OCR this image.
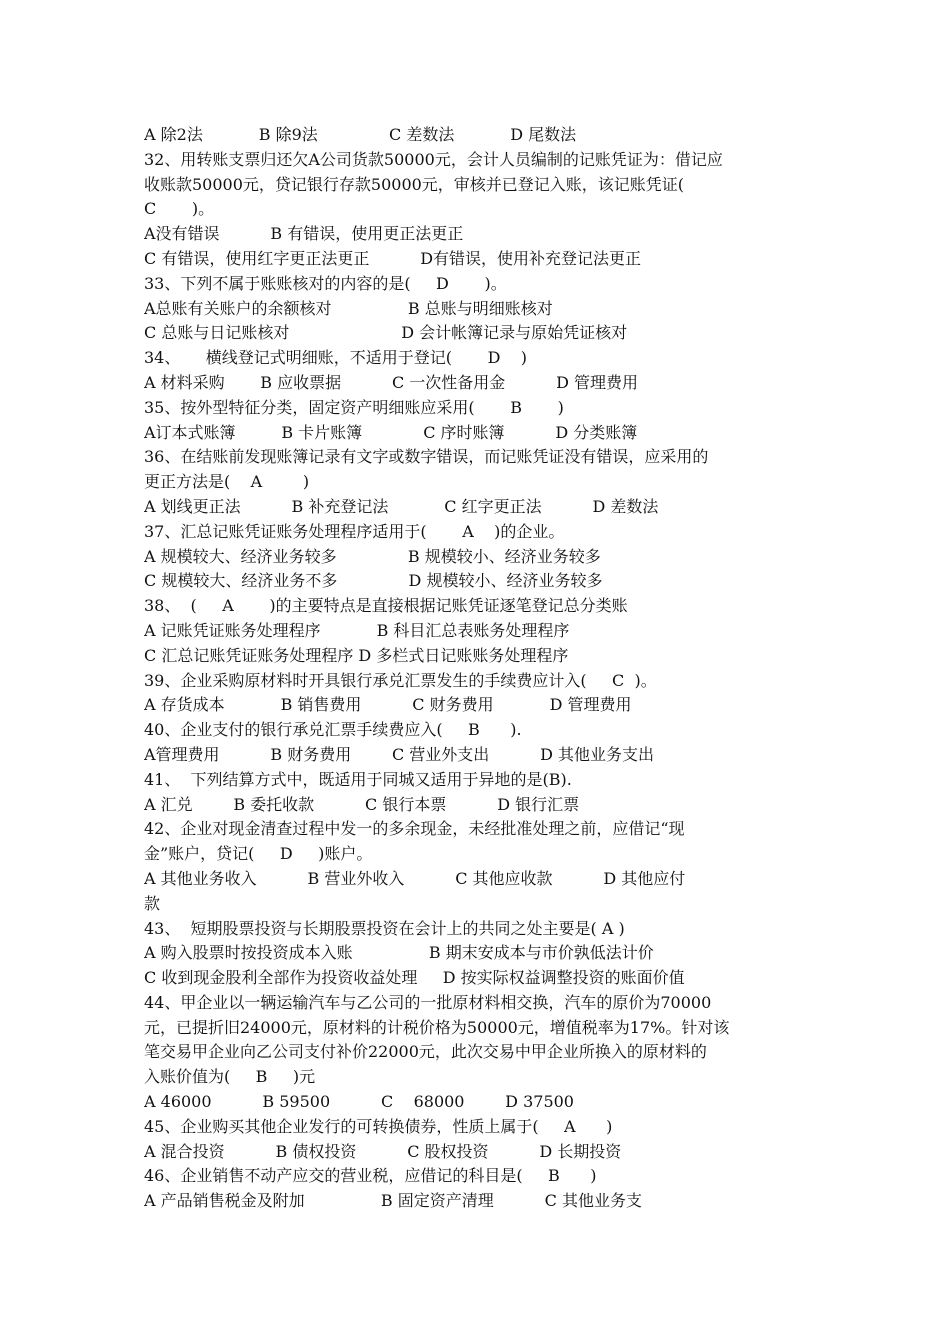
A 除2法           B 除9法              C 差数法           D 尾数法
32、用转账支票归还欠A公司货款50000元，会计人员编制的记账凭证为：借记应
收账款50000元，贷记银行存款50000元，审核并已登记入账，该记账凭证(
C       )。
A没有错误          B 有错误，使用更正法更正
C 有错误，使用红字更正法更正          D有错误，使用补充登记法更正
33、下列不属于账账核对的内容的是(     D       )。
A总账有关账户的余额核对               B 总账与明细账核对
C 总账与日记账核对                      D 会计帐簿记录与原始凭证核对
34、     横线登记式明细账，不适用于登记(       D    )
A 材料采购       B 应收票据          C 一次性备用金          D 管理费用
35、按外型特征分类，固定资产明细账应采用(       B       )
A订本式账簿         B 卡片账簿            C 序时账簿          D 分类账簿
36、在结账前发现账簿记录有文字或数字错误，而记账凭证没有错误，应采用的
更正方法是(    A        )
A 划线更正法          B 补充登记法           C 红字更正法          D 差数法
37、汇总记账凭证账务处理程序适用于(       A    )的企业。
A 规模较大、经济业务较多              B 规模较小、经济业务较多
C 规模较大、经济业务不多              D 规模较小、经济业务较多
38、  (     A       )的主要特点是直接根据记账凭证逐笔登记总分类账
A 记账凭证账务处理程序           B 科目汇总表账务处理程序
C 汇总记账凭证账务处理程序 D 多栏式日记账账务处理程序
39、企业采购原材料时开具银行承兑汇票发生的手续费应计入(     C  )。
A 存货成本           B 销售费用          C 财务费用           D 管理费用
40、企业支付的银行承兑汇票手续费应入(     B      ).
A管理费用          B 财务费用        C 营业外支出          D 其他业务支出
41、  下列结算方式中，既适用于同城又适用于异地的是(B).
A 汇兑        B 委托收款          C 银行本票          D 银行汇票
42、企业对现金清查过程中发一的多余现金，未经批准处理之前，应借记“现
金”账户，贷记(     D     )账户。
A 其他业务收入          B 营业外收入          C 其他应收款          D 其他应付
款
43、  短期股票投资与长期股票投资在会计上的共同之处主要是( A )
A 购入股票时按投资成本入账               B 期末安成本与市价孰低法计价
C 收到现金股利全部作为投资收益处理     D 按实际权益调整投资的账面价值
44、甲企业以一辆运输汽车与乙公司的一批原材料相交换，汽车的原价为70000
元，已提折旧24000元，原材料的计税价格为50000元，增值税率为17%。针对该
笔交易甲企业向乙公司支付补价22000元，此次交易中甲企业所换入的原材料的
入账价值为(     B     )元
A 46000          B 59500          C    68000        D 37500
45、企业购买其他企业发行的可转换债券，性质上属于(     A      )
A 混合投资          B 债权投资          C 股权投资          D 长期投资
46、企业销售不动产应交的营业税，应借记的科目是(     B      )
A 产品销售税金及附加               B 固定资产清理          C 其他业务支
